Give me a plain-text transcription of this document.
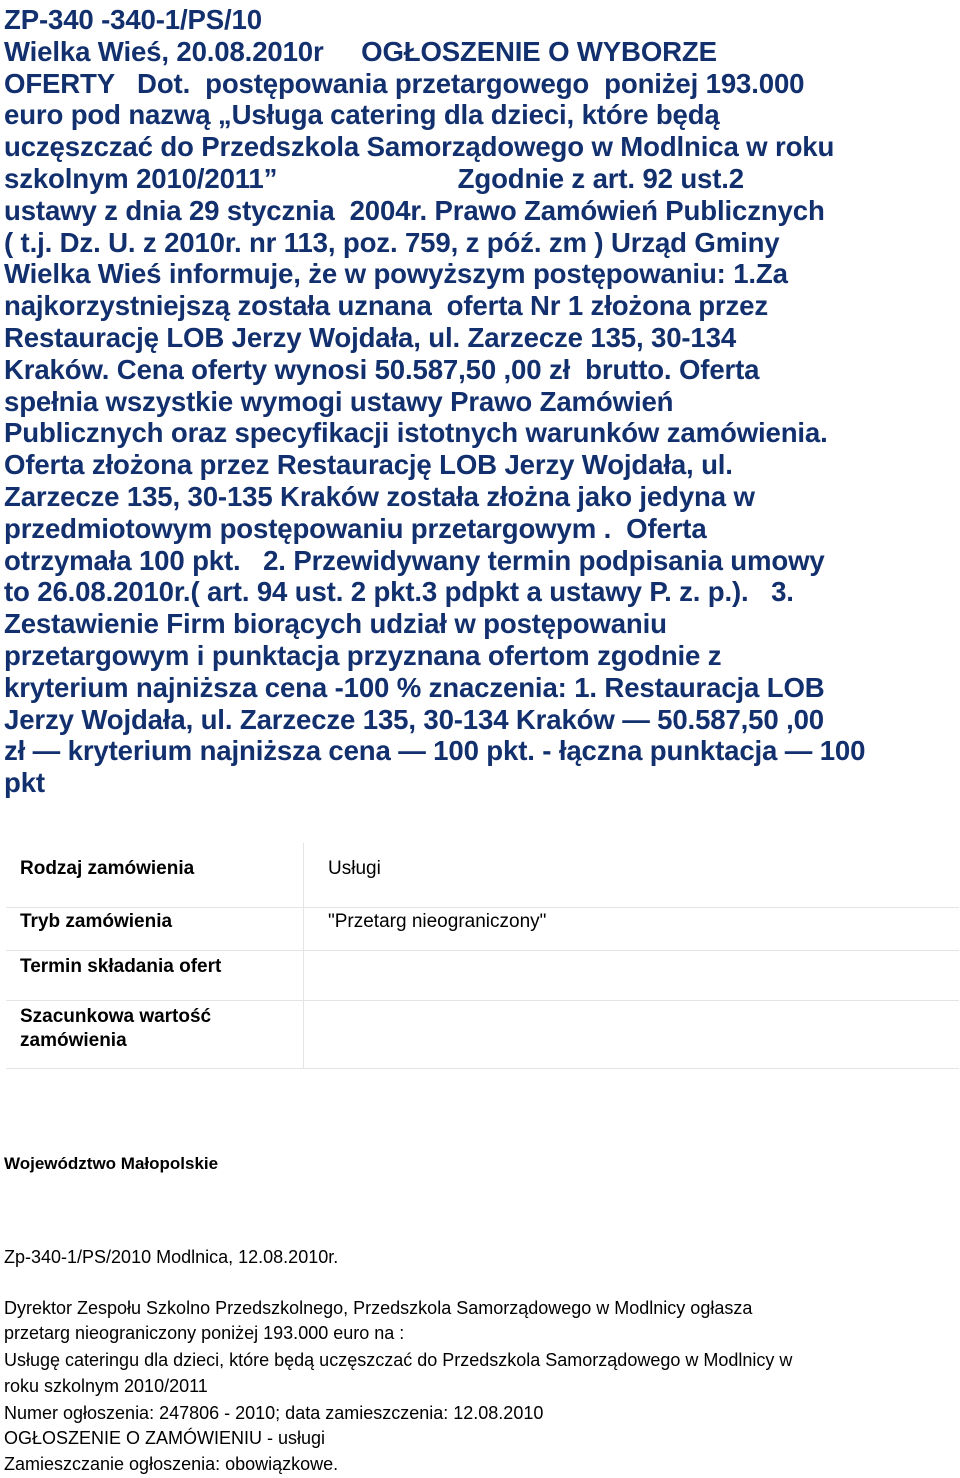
ZP-340 -340-1/PS/10
Wielka Wieś, 20.08.2010r     OGŁOSZENIE O WYBORZE
OFERTY   Dot.  postępowania przetargowego  poniżej 193.000
euro pod nazwą „Usługa catering dla dzieci, które będą
uczęszczać do Przedszkola Samorządowego w Modlnica w roku
szkolnym 2010/2011”                        Zgodnie z art. 92 ust.2
ustawy z dnia 29 stycznia  2004r. Prawo Zamówień Publicznych
( t.j. Dz. U. z 2010r. nr 113, poz. 759, z póź. zm ) Urząd Gminy
Wielka Wieś informuje, że w powyższym postępowaniu: 1.Za
najkorzystniejszą została uznana  oferta Nr 1 złożona przez
Restaurację LOB Jerzy Wojdała, ul. Zarzecze 135, 30-134
Kraków. Cena oferty wynosi 50.587,50 ,00 zł  brutto. Oferta
spełnia wszystkie wymogi ustawy Prawo Zamówień
Publicznych oraz specyfikacji istotnych warunków zamówienia.
Oferta złożona przez Restaurację LOB Jerzy Wojdała, ul.
Zarzecze 135, 30-135 Kraków została złożna jako jedyna w
przedmiotowym postępowaniu przetargowym .  Oferta
otrzymała 100 pkt.   2. Przewidywany termin podpisania umowy
to 26.08.2010r.( art. 94 ust. 2 pkt.3 pdpkt a ustawy P. z. p.).   3.
Zestawienie Firm biorących udział w postępowaniu
przetargowym i punktacja przyznana ofertom zgodnie z
kryterium najniższa cena -100 % znaczenia: 1. Restauracja LOB
Jerzy Wojdała, ul. Zarzecze 135, 30-134 Kraków — 50.587,50 ,00
zł — kryterium najniższa cena — 100 pkt. - łączna punktacja — 100
pkt
Rodzaj zamówienia	Usługi
Tryb zamówienia	"Przetarg nieograniczony"
Termin składania ofert	
Szacunkowa wartość
zamówienia	
Województwo Małopolskie
Zp-340-1/PS/2010 Modlnica, 12.08.2010r.
Dyrektor Zespołu Szkolno Przedszkolnego, Przedszkola Samorządowego w Modlnicy ogłasza
przetarg nieograniczony poniżej 193.000 euro na :
Usługę cateringu dla dzieci, które będą uczęszczać do Przedszkola Samorządowego w Modlnicy w
roku szkolnym 2010/2011
Numer ogłoszenia: 247806 - 2010; data zamieszczenia: 12.08.2010
OGŁOSZENIE O ZAMÓWIENIU - usługi
Zamieszczanie ogłoszenia: obowiązkowe.
